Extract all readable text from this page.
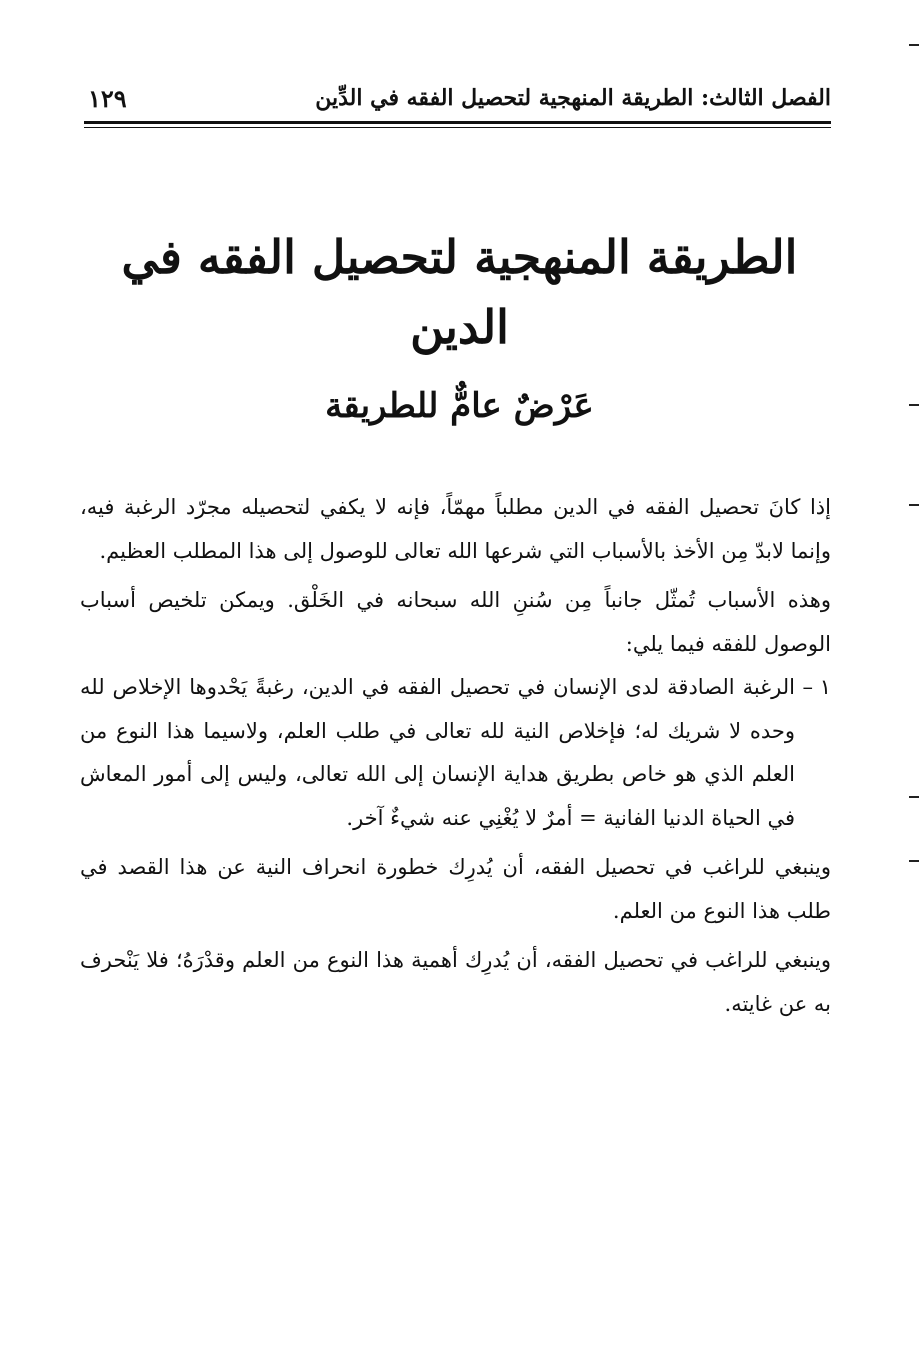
الفصل الثالث: الطريقة المنهجية لتحصيل الفقه في الدِّين
١٢٩
الطريقة المنهجية لتحصيل الفقه في الدين
عَرْضٌ عامٌّ للطريقة

إذا كانَ تحصيل الفقه في الدين مطلباً مهمّاً، فإنه لا يكفي لتحصيله مجرّد الرغبة فيه، وإنما لابدّ مِن الأخذ بالأسباب التي شرعها الله تعالى للوصول إلى هذا المطلب العظيم.

وهذه الأسباب تُمثّل جانباً مِن سُننِ الله سبحانه في الخَلْق. ويمكن تلخيص أسباب الوصول للفقه فيما يلي:

١ –
الرغبة الصادقة لدى الإنسان في تحصيل الفقه في الدين، رغبةً يَحْدوها الإخلاص لله وحده لا شريك له؛ فإخلاص النية لله تعالى في طلب العلم، ولاسيما هذا النوع من العلم الذي هو خاص بطريق هداية الإنسان إلى الله تعالى، وليس إلى أمور المعاش في الحياة الدنيا الفانية = أمرٌ لا يُغْنِي عنه شيءٌ آخر.

وينبغي للراغب في تحصيل الفقه، أن يُدرِك خطورة انحراف النية عن هذا القصد في طلب هذا النوع من العلم.

وينبغي للراغب في تحصيل الفقه، أن يُدرِك أهمية هذا النوع من العلم وقدْرَهُ؛ فلا يَنْحرف به عن غايته.
